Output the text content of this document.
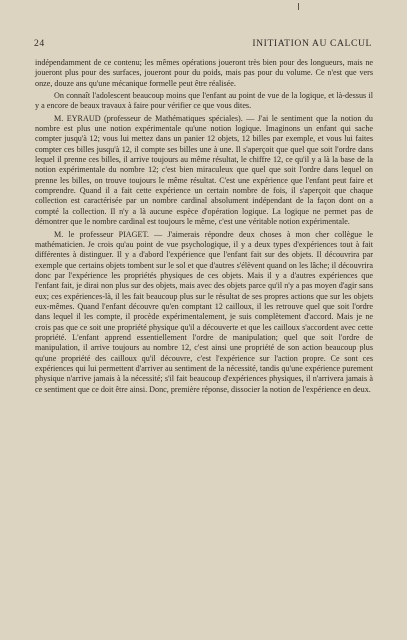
24	INITIATION AU CALCUL

indépendamment de ce contenu; les mêmes opérations joueront très bien pour des longueurs, mais ne joueront plus pour des surfaces, joueront pour du poids, mais pas pour du volume. Ce n'est que vers onze, douze ans qu'une mécanique formelle peut être réalisée.

On connaît l'adolescent beaucoup moins que l'enfant au point de vue de la logique, et là-dessus il y a encore de beaux travaux à faire pour vérifier ce que vous dites.

M. EYRAUD (professeur de Mathématiques spéciales). — J'ai le sentiment que la notion du nombre est plus une notion expérimentale qu'une notion logique. Imaginons un enfant qui sache compter jusqu'à 12; vous lui mettez dans un panier 12 objets, 12 billes par exemple, et vous lui faites compter ces billes jusqu'à 12, il compte ses billes une à une. Il s'aperçoit que quel que soit l'ordre dans lequel il prenne ces billes, il arrive toujours au même résultat, le chiffre 12, ce qu'il y a là la base de la notion expérimentale du nombre 12; c'est bien miraculeux que quel que soit l'ordre dans lequel on prenne les billes, on trouve toujours le même résultat. C'est une expérience que l'enfant peut faire et comprendre. Quand il a fait cette expérience un certain nombre de fois, il s'aperçoit que chaque collection est caractérisée par un nombre cardinal absolument indépendant de la façon dont on a compté la collection. Il n'y a là aucune espèce d'opération logique. La logique ne permet pas de démontrer que le nombre cardinal est toujours le même, c'est une véritable notion expérimentale.

M. le professeur PIAGET. — J'aimerais répondre deux choses à mon cher collègue le mathématicien. Je crois qu'au point de vue psychologique, il y a deux types d'expériences tout à fait différentes à distinguer. Il y a d'abord l'expérience que l'enfant fait sur des objets. Il découvrira par exemple que certains objets tombent sur le sol et que d'autres s'élèvent quand on les lâche; il découvrira donc par l'expérience les propriétés physiques de ces objets. Mais il y a d'autres expériences que l'enfant fait, je dirai non plus sur des objets, mais avec des objets parce qu'il n'y a pas moyen d'agir sans eux; ces expériences-là, il les fait beaucoup plus sur le résultat de ses propres actions que sur les objets eux-mêmes. Quand l'enfant découvre qu'en comptant 12 cailloux, il les retrouve quel que soit l'ordre dans lequel il les compte, il procède expérimentalement, je suis complètement d'accord. Mais je ne crois pas que ce soit une propriété physique qu'il a découverte et que les cailloux s'accordent avec cette propriété. L'enfant apprend essentiellement l'ordre de manipulation; quel que soit l'ordre de manipulation, il arrive toujours au nombre 12, c'est ainsi une propriété de son action beaucoup plus qu'une propriété des cailloux qu'il découvre, c'est l'expérience sur l'action propre. Ce sont ces expériences qui lui permettent d'arriver au sentiment de la nécessité, tandis qu'une expérience purement physique n'arrive jamais à la nécessité; s'il fait beaucoup d'expériences physiques, il n'arrivera jamais à ce sentiment que ce doit être ainsi. Donc, première réponse, dissocier la notion de l'expérience en deux.
